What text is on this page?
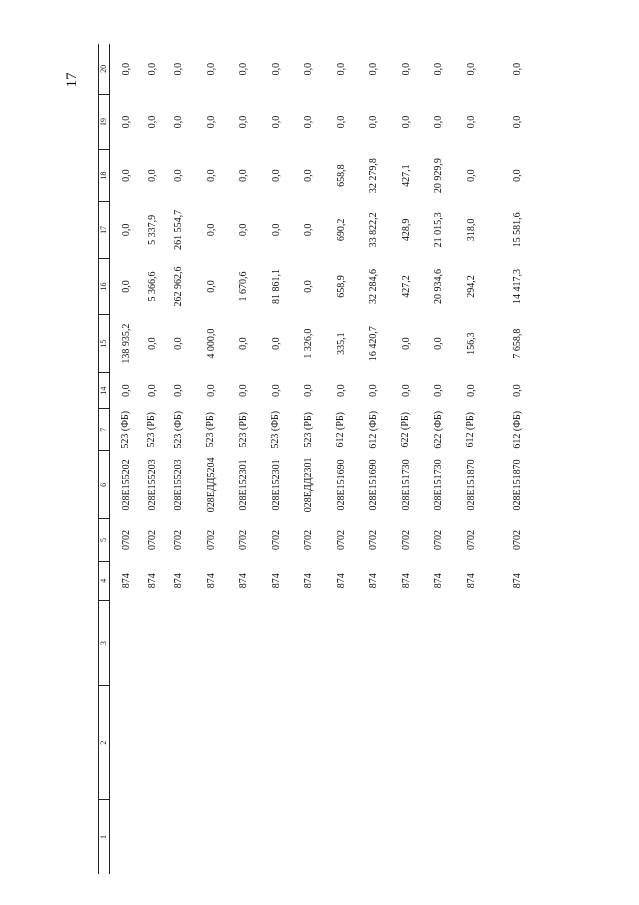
17
1	2	3	4	5	6	7	14	15	16	17	18	19	20
			874	0702	028Е155202	523 (ФБ)	0,0	138 935,2	0,0	0,0	0,0	0,0	0,0
			874	0702	028Е155203	523 (РБ)	0,0	0,0	5 366,6	5 337,9	0,0	0,0	0,0
			874	0702	028Е155203	523 (ФБ)	0,0	0,0	262 962,6	261 554,7	0,0	0,0	0,0
			874	0702	028ЕДД5204	523 (РБ)	0,0	4 000,0	0,0	0,0	0,0	0,0	0,0
			874	0702	028Е152301	523 (РБ)	0,0	0,0	1 670,6	0,0	0,0	0,0	0,0
			874	0702	028Е152301	523 (ФБ)	0,0	0,0	81 861,1	0,0	0,0	0,0	0,0
			874	0702	028ЕДД2301	523 (РБ)	0,0	1 326,0	0,0	0,0	0,0	0,0	0,0
			874	0702	028Е151690	612 (РБ)	0,0	335,1	658,9	690,2	658,8	0,0	0,0
			874	0702	028Е151690	612 (ФБ)	0,0	16 420,7	32 284,6	33 822,2	32 279,8	0,0	0,0
			874	0702	028Е151730	622 (РБ)	0,0	0,0	427,2	428,9	427,1	0,0	0,0
			874	0702	028Е151730	622 (ФБ)	0,0	0,0	20 934,6	21 015,3	20 929,9	0,0	0,0
			874	0702	028Е151870	612 (РБ)	0,0	156,3	294,2	318,0	0,0	0,0	0,0
			874	0702	028Е151870	612 (ФБ)	0,0	7 658,8	14 417,3	15 581,6	0,0	0,0	0,0
